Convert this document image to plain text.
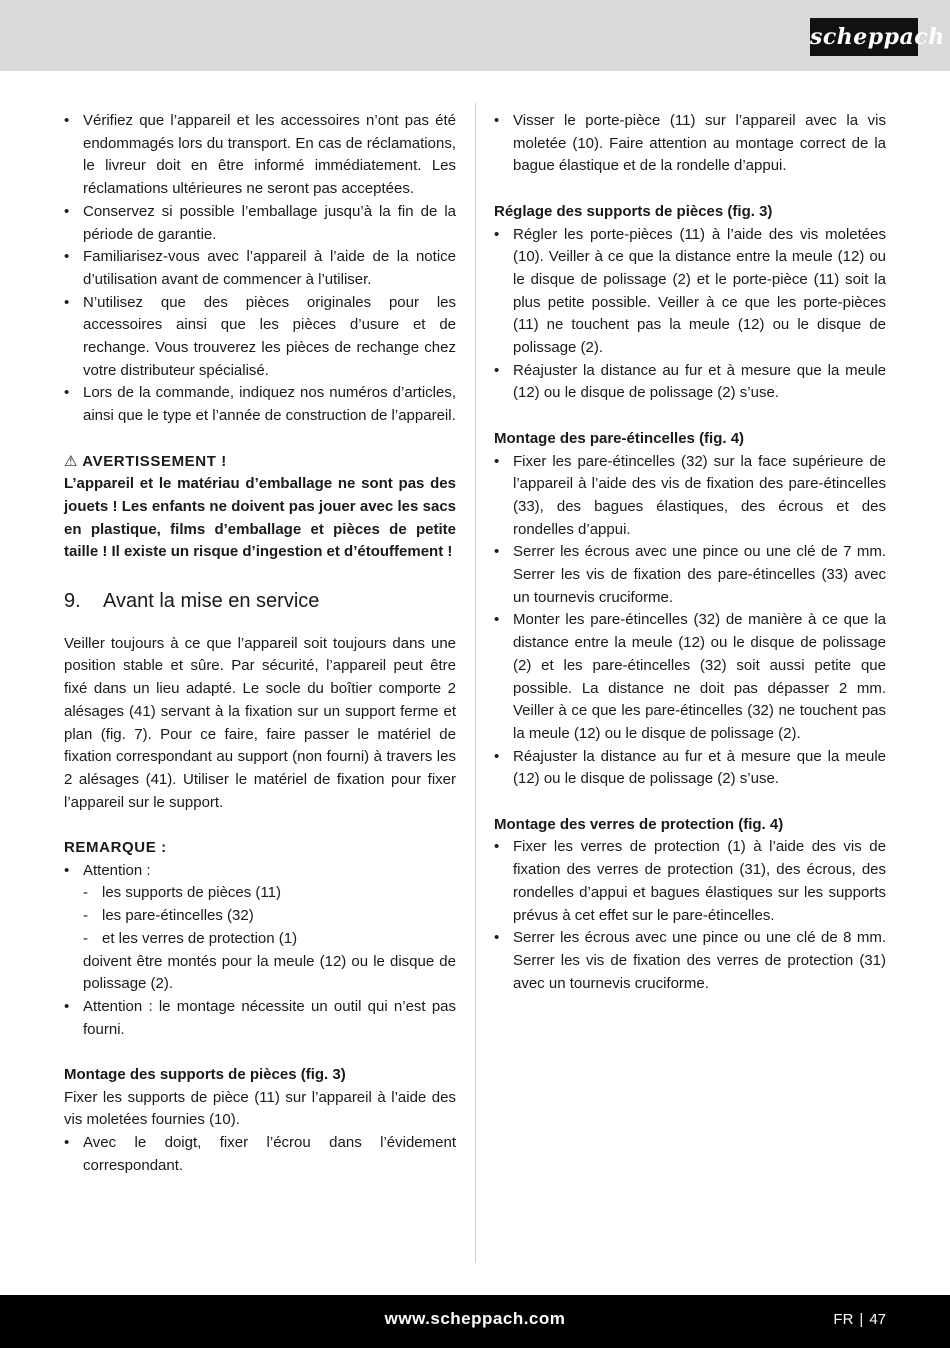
scheppach
• Vérifiez que l’appareil et les accessoires n’ont pas été endommagés lors du transport. En cas de réclamations, le livreur doit en être informé immédiatement. Les réclamations ultérieures ne seront pas acceptées.
• Conservez si possible l’emballage jusqu’à la fin de la période de garantie.
• Familiarisez-vous avec l’appareil à l’aide de la notice d’utilisation avant de commencer à l’utiliser.
• N’utilisez que des pièces originales pour les accessoires ainsi que les pièces d’usure et de rechange. Vous trouverez les pièces de rechange chez votre distributeur spécialisé.
• Lors de la commande, indiquez nos numéros d’articles, ainsi que le type et l’année de construction de l’appareil.
⚠ AVERTISSEMENT !

L’appareil et le matériau d’emballage ne sont pas des jouets ! Les enfants ne doivent pas jouer avec les sacs en plastique, films d’emballage et pièces de petite taille ! Il existe un risque d’ingestion et d’étouffement !

9.	Avant la mise en service

Veiller toujours à ce que l’appareil soit toujours dans une position stable et sûre. Par sécurité, l’appareil peut être fixé dans un lieu adapté. Le socle du boîtier comporte 2 alésages (41) servant à la fixation sur un support ferme et plan (fig. 7). Pour ce faire, faire passer le matériel de fixation correspondant au support (non fourni) à travers les 2 alésages (41). Utiliser le matériel de fixation pour fixer l’appareil sur le support.

REMARQUE :
• Attention :
- les supports de pièces (11)
- les pare-étincelles (32)
- et les verres de protection (1)
doivent être montés pour la meule (12) ou le disque de polissage (2).
• Attention : le montage nécessite un outil qui n’est pas fourni.
Montage des supports de pièces (fig. 3)

Fixer les supports de pièce (11) sur l’appareil à l’aide des vis moletées fournies (10).

• Avec le doigt, fixer l’écrou dans l’évidement correspondant.
• Visser le porte-pièce (11) sur l’appareil avec la vis moletée (10). Faire attention au montage correct de la bague élastique et de la rondelle d’appui.
Réglage des supports de pièces (fig. 3)
• Régler les porte-pièces (11) à l’aide des vis moletées (10). Veiller à ce que la distance entre la meule (12) ou le disque de polissage (2) et le porte-pièce (11) soit la plus petite possible. Veiller à ce que les porte-pièces (11) ne touchent pas la meule (12) ou le disque de polissage (2).
• Réajuster la distance au fur et à mesure que la meule (12) ou le disque de polissage (2) s’use.
Montage des pare-étincelles (fig. 4)
• Fixer les pare-étincelles (32) sur la face supérieure de l’appareil à l’aide des vis de fixation des pare-étincelles (33), des bagues élastiques, des écrous et des rondelles d’appui.
• Serrer les écrous avec une pince ou une clé de 7 mm. Serrer les vis de fixation des pare-étincelles (33) avec un tournevis cruciforme.
• Monter les pare-étincelles (32) de manière à ce que la distance entre la meule (12) ou le disque de polissage (2) et les pare-étincelles (32) soit aussi petite que possible. La distance ne doit pas dépasser 2 mm. Veiller à ce que les pare-étincelles (32) ne touchent pas la meule (12) ou le disque de polissage (2).
• Réajuster la distance au fur et à mesure que la meule (12) ou le disque de polissage (2) s’use.
Montage des verres de protection (fig. 4)
• Fixer les verres de protection (1) à l’aide des vis de fixation des verres de protection (31), des écrous, des rondelles d’appui et bagues élastiques sur les supports prévus à cet effet sur le pare-étincelles.
• Serrer les écrous avec une pince ou une clé de 8 mm. Serrer les vis de fixation des verres de protection (31) avec un tournevis cruciforme.
www.scheppach.com	FR | 47
